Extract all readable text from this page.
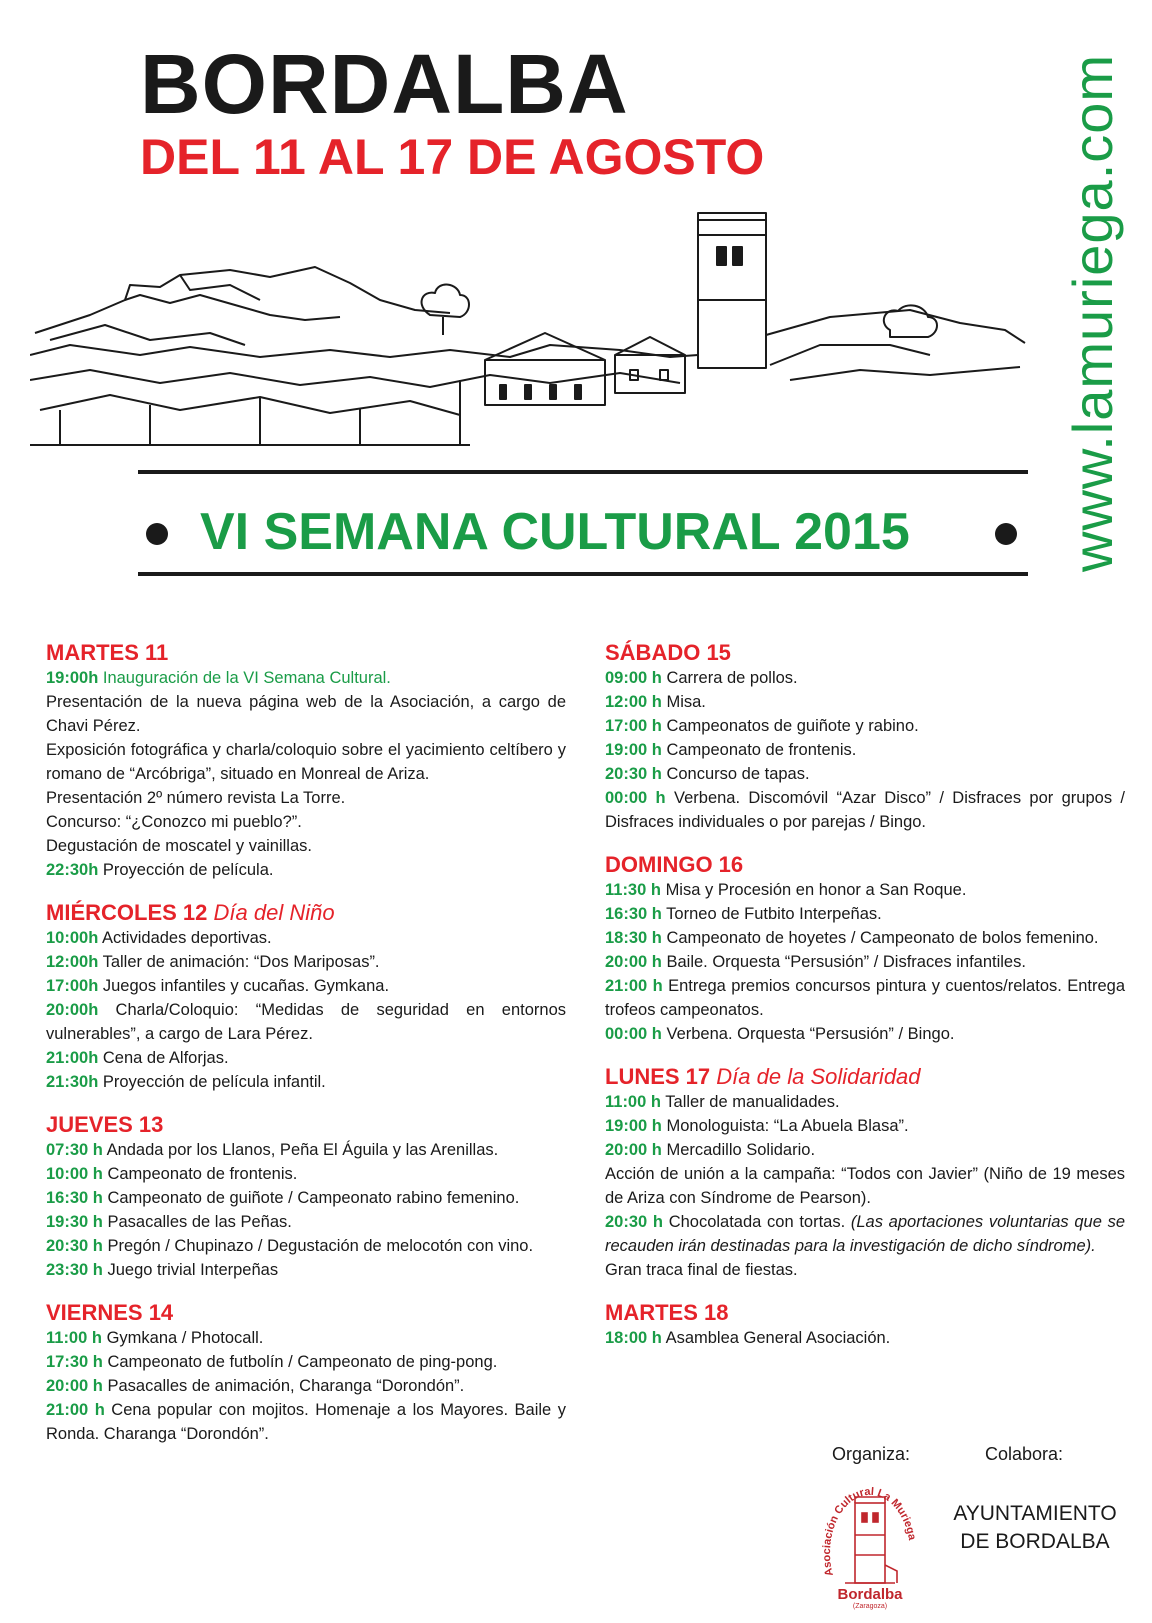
BORDALBA
DEL 11 AL 17 DE AGOSTO	www.lamuriega.com
VI SEMANA CULTURAL 2015
MARTES 11
19:00h Inauguración de la VI Semana Cultural.
Presentación de la nueva página web de la Asociación, a cargo de Chavi Pérez.
Exposición fotográfica y charla/coloquio sobre el yacimiento celtíbero y romano de “Arcóbriga”, situado en Monreal de Ariza.
Presentación 2º número revista La Torre.
Concurso: “¿Conozco mi pueblo?”.
Degustación de moscatel y vainillas.
22:30h Proyección de película.
MIÉRCOLES 12 Día del Niño
10:00h Actividades deportivas.
12:00h Taller de animación: “Dos Mariposas”.
17:00h Juegos infantiles y cucañas. Gymkana.
20:00h Charla/Coloquio: “Medidas de seguridad en entornos vulnerables”, a cargo de Lara Pérez.
21:00h Cena de Alforjas.
21:30h Proyección de película infantil.
JUEVES 13
07:30 h Andada por los Llanos, Peña El Águila y las Arenillas.
10:00 h Campeonato de frontenis.
16:30 h Campeonato de guiñote / Campeonato rabino femenino.
19:30 h Pasacalles de las Peñas.
20:30 h Pregón / Chupinazo / Degustación de melocotón con vino.
23:30 h Juego trivial Interpeñas
VIERNES 14
11:00 h Gymkana / Photocall.
17:30 h Campeonato de futbolín / Campeonato de ping-pong.
20:00 h Pasacalles de animación, Charanga “Dorondón”.
21:00 h Cena popular con mojitos. Homenaje a los Mayores. Baile y Ronda. Charanga “Dorondón”.
SÁBADO 15
09:00 h Carrera de pollos.
12:00 h Misa.
17:00 h Campeonatos de guiñote y rabino.
19:00 h Campeonato de frontenis.
20:30 h Concurso de tapas.
00:00 h Verbena. Discomóvil “Azar Disco” / Disfraces por grupos / Disfraces individuales o por parejas / Bingo.
DOMINGO 16
11:30 h Misa y Procesión en honor a San Roque.
16:30 h Torneo de Futbito Interpeñas.
18:30 h Campeonato de hoyetes / Campeonato de bolos femenino.
20:00 h Baile. Orquesta “Persusión” / Disfraces infantiles.
21:00 h Entrega premios concursos pintura y cuentos/relatos. Entrega trofeos campeonatos.
00:00 h Verbena. Orquesta “Persusión” / Bingo.
LUNES 17 Día de la Solidaridad
11:00 h Taller de manualidades.
19:00 h Monologuista: “La Abuela Blasa”.
20:00 h Mercadillo Solidario.
Acción de unión a la campaña: “Todos con Javier” (Niño de 19 meses de Ariza con Síndrome de Pearson).
20:30 h Chocolatada con tortas. (Las aportaciones voluntarias que se recauden irán destinadas para la investigación de dicho síndrome).
Gran traca final de fiestas.
MARTES 18
18:00 h Asamblea General Asociación.
Organiza:	Colabora:
Asociación Cultural La Muriega
Bordalba
(Zaragoza)
AYUNTAMIENTO
DE BORDALBA
